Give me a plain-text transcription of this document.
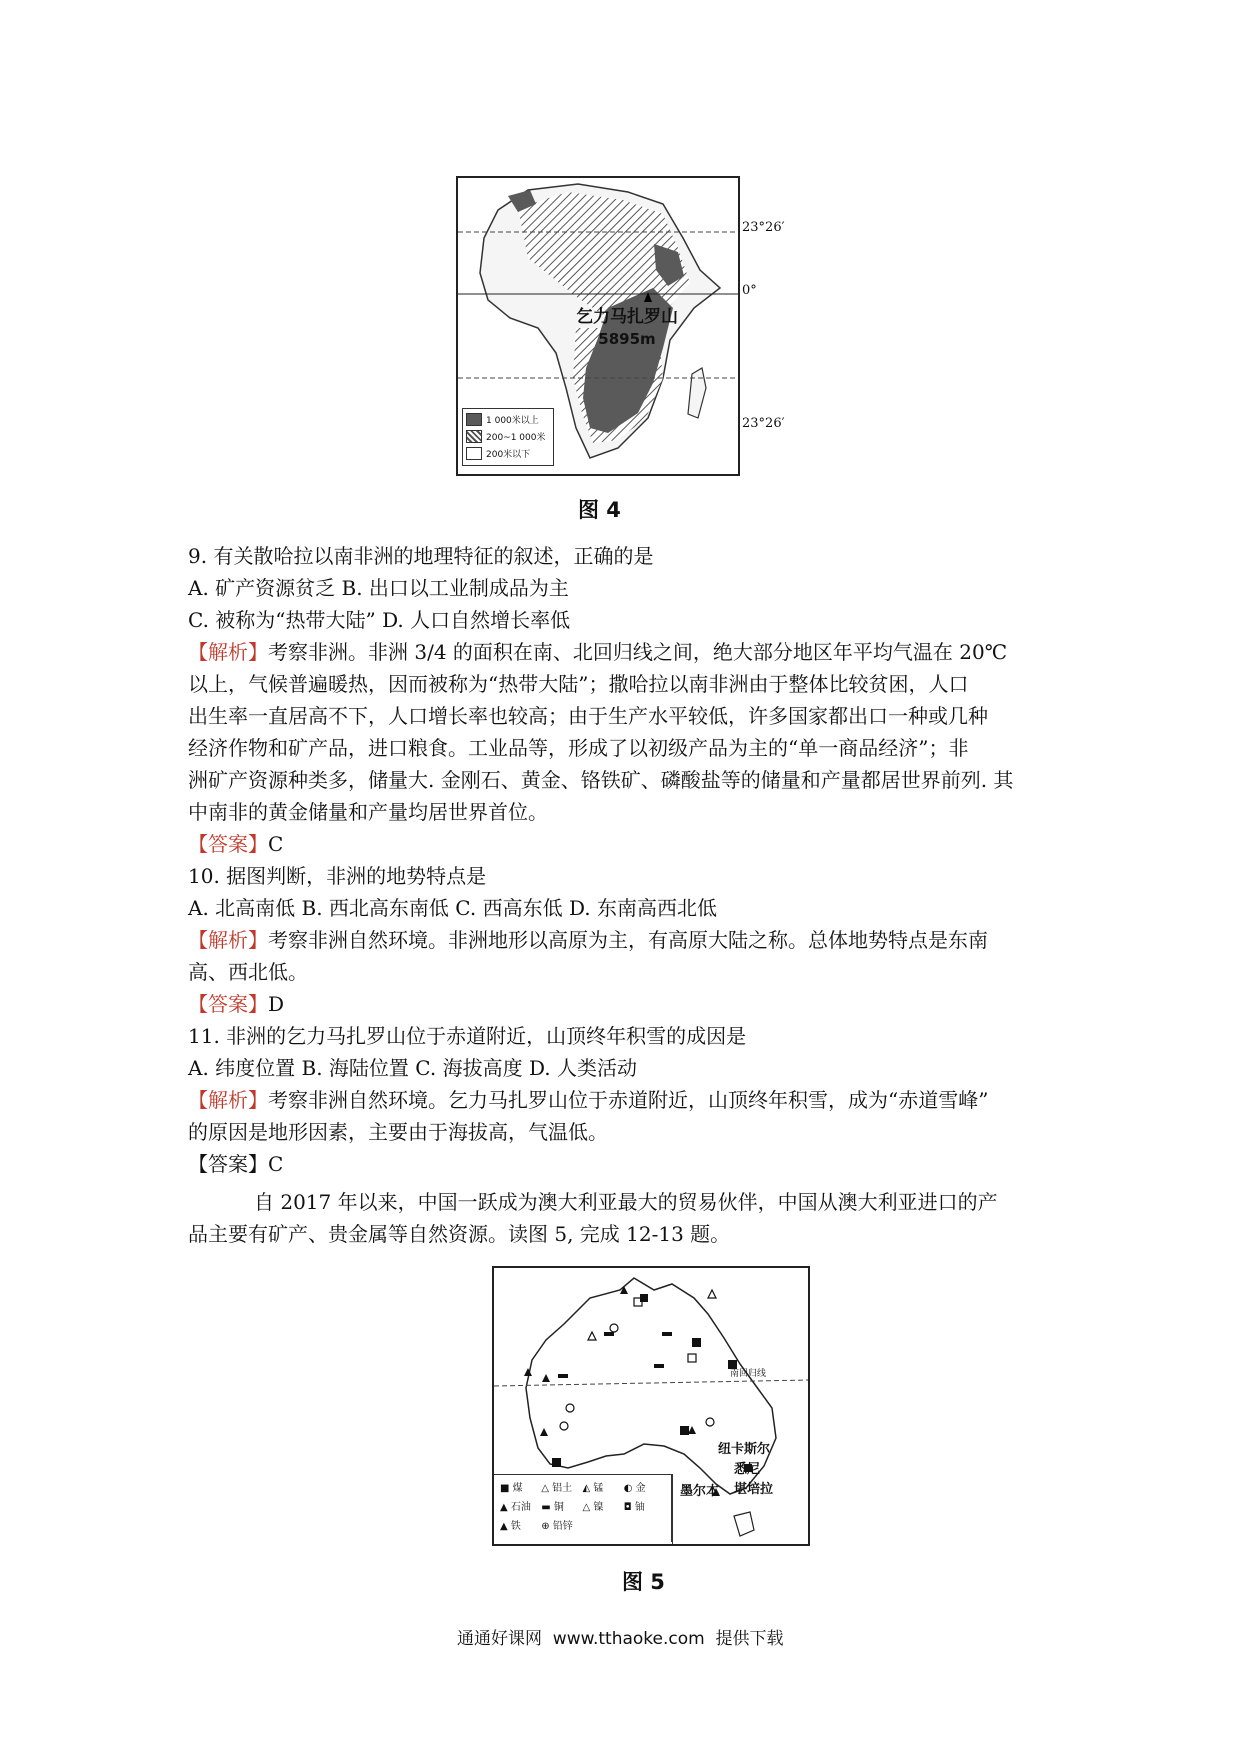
乞力马扎罗山
5895m
1 000米以上
200~1 000米
200米以下
23°26′
0°
23°26′
图 4
9. 有关散哈拉以南非洲的地理特征的叙述，正确的是
A. 矿产资源贫乏 B. 出口以工业制成品为主
C. 被称为“热带大陆” D. 人口自然增长率低
【解析】考察非洲。非洲 3/4 的面积在南、北回归线之间，绝大部分地区年平均气温在 20℃
以上，气候普遍暖热，因而被称为“热带大陆”；撒哈拉以南非洲由于整体比较贫困，人口
出生率一直居高不下，人口增长率也较高；由于生产水平较低，许多国家都出口一种或几种
经济作物和矿产品，进口粮食。工业品等，形成了以初级产品为主的“单一商品经济”；非
洲矿产资源种类多，储量大. 金刚石、黄金、铬铁矿、磷酸盐等的储量和产量都居世界前列. 其
中南非的黄金储量和产量均居世界首位。
【答案】C
10. 据图判断，非洲的地势特点是
A. 北高南低 B. 西北高东南低 C. 西高东低 D. 东南高西北低
【解析】考察非洲自然环境。非洲地形以高原为主，有高原大陆之称。总体地势特点是东南
高、西北低。
【答案】D
11. 非洲的乞力马扎罗山位于赤道附近，山顶终年积雪的成因是
A. 纬度位置 B. 海陆位置 C. 海拔高度 D. 人类活动
【解析】考察非洲自然环境。乞力马扎罗山位于赤道附近，山顶终年积雪，成为“赤道雪峰”
的原因是地形因素，主要由于海拔高，气温低。
【答案】C
自 2017 年以来，中国一跃成为澳大利亚最大的贸易伙伴，中国从澳大利亚进口的产
品主要有矿产、贵金属等自然资源。读图 5, 完成 12-13 题。
南回归线
纽卡斯尔
悉尼
墨尔本 堪培拉
■ 煤	△ 铝土	◭ 锰	◐ 金
▲ 石油	▬ 铜	△ 镍	◘ 铀
▲ 铁	⊕ 铅锌
图 5
通通好课网  www.tthaoke.com  提供下载
